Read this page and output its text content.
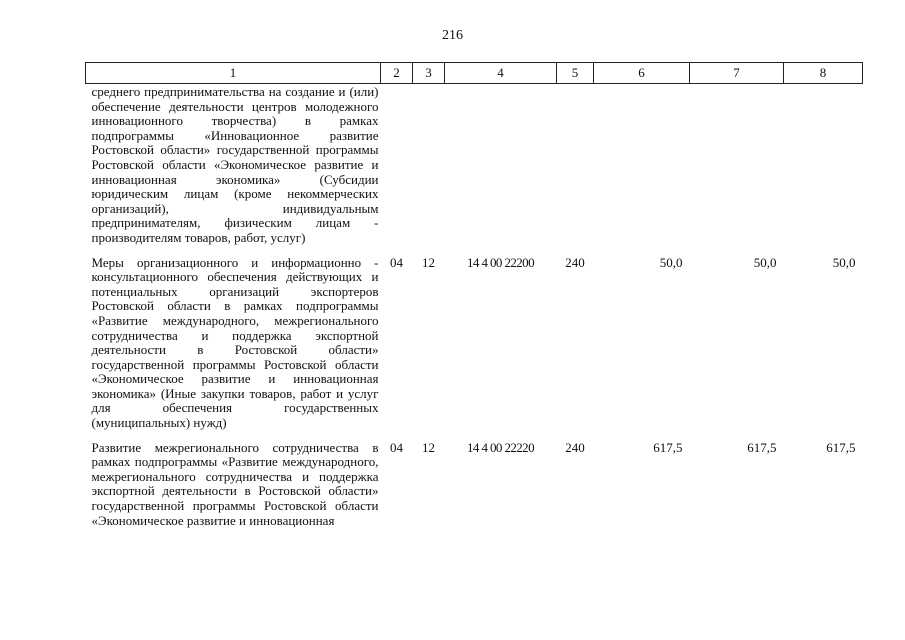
216
1	2	3	4	5	6	7	8
среднего предпринимательства на создание и (или) обеспечение деятельности центров молодежного инновационного творчества) в рамках подпрограммы «Инновационное развитие Ростовской области» государственной программы Ростовской области «Экономическое развитие и инновационная экономика» (Субсидии юридическим лицам (кроме некоммерческих организаций), индивидуальным предпринимателям, физическим лицам - производителям товаров, работ, услуг)							
Меры организационного и информационно - консультационного обеспечения действующих и потенциальных организаций экспортеров Ростовской области в рамках подпрограммы «Развитие международного, межрегионального сотрудничества и поддержка экспортной деятельности в Ростовской области» государственной программы Ростовской области «Экономическое развитие и инновационная экономика» (Иные закупки товаров, работ и услуг для обеспечения государственных (муниципальных) нужд)	04	12	14 4 00 22200	240	50,0	50,0	50,0
Развитие межрегионального сотрудничества в рамках подпрограммы «Развитие международного, межрегионального сотрудничества и поддержка экспортной деятельности в Ростовской области» государственной программы Ростовской области «Экономическое развитие и инновационная	04	12	14 4 00 22220	240	617,5	617,5	617,5
